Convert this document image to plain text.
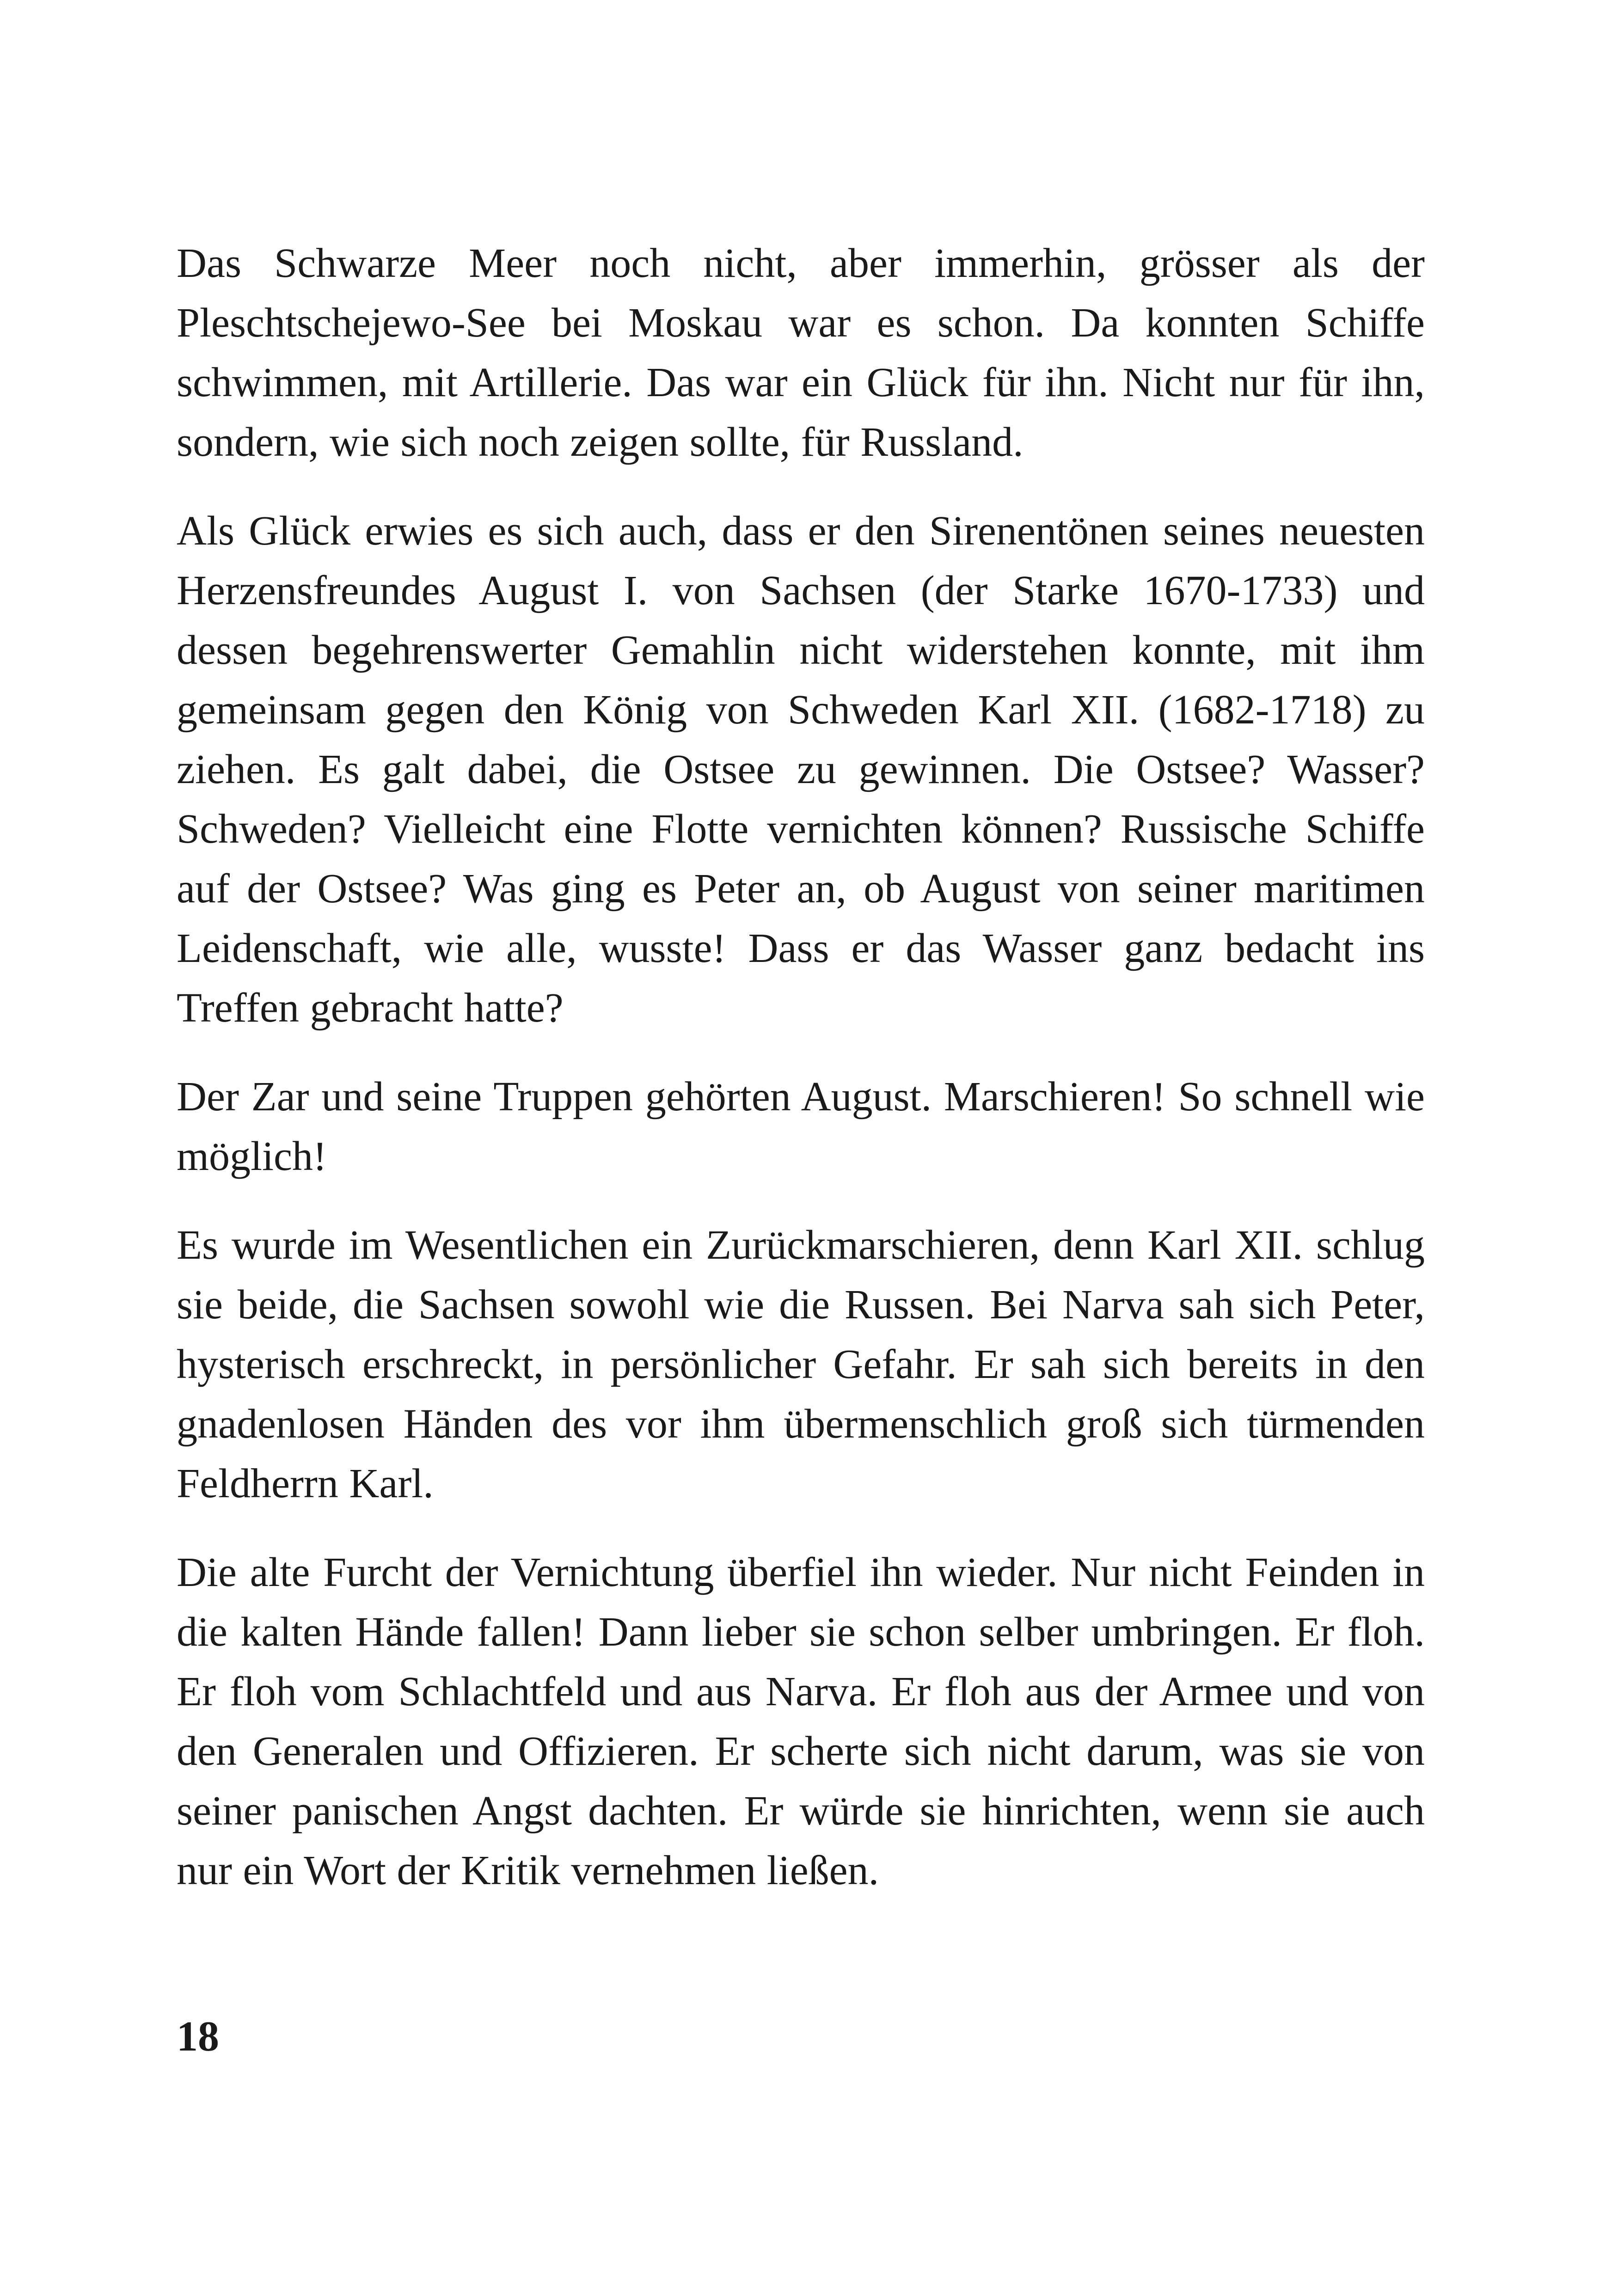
Das Schwarze Meer noch nicht, aber immerhin, grösser als der Pleschtschejewo-See bei Moskau war es schon. Da konnten Schiffe schwimmen, mit Artillerie. Das war ein Glück für ihn. Nicht nur für ihn, sondern, wie sich noch zeigen sollte, für Russland.

Als Glück erwies es sich auch, dass er den Sirenentönen seines neuesten Herzensfreundes August I. von Sachsen (der Starke 1670-1733) und dessen begehrenswerter Gemahlin nicht widerstehen konnte, mit ihm gemeinsam gegen den König von Schweden Karl XII. (1682-1718) zu ziehen. Es galt dabei, die Ostsee zu gewinnen. Die Ostsee? Wasser? Schweden? Vielleicht eine Flotte vernichten können? Russische Schiffe auf der Ostsee? Was ging es Peter an, ob August von seiner maritimen Leidenschaft, wie alle, wusste! Dass er das Wasser ganz bedacht ins Treffen gebracht hatte?

Der Zar und seine Truppen gehörten August. Marschieren! So schnell wie möglich!

Es wurde im Wesentlichen ein Zurückmarschieren, denn Karl XII. schlug sie beide, die Sachsen sowohl wie die Russen. Bei Narva sah sich Peter, hysterisch erschreckt, in persönlicher Gefahr. Er sah sich bereits in den gnadenlosen Händen des vor ihm übermenschlich groß sich türmenden Feldherrn Karl.

Die alte Furcht der Vernichtung überfiel ihn wieder. Nur nicht Feinden in die kalten Hände fallen! Dann lieber sie schon selber umbringen. Er floh. Er floh vom Schlachtfeld und aus Narva. Er floh aus der Armee und von den Generalen und Offizieren. Er scherte sich nicht darum, was sie von seiner panischen Angst dachten. Er würde sie hinrichten, wenn sie auch nur ein Wort der Kritik vernehmen ließen.

18
